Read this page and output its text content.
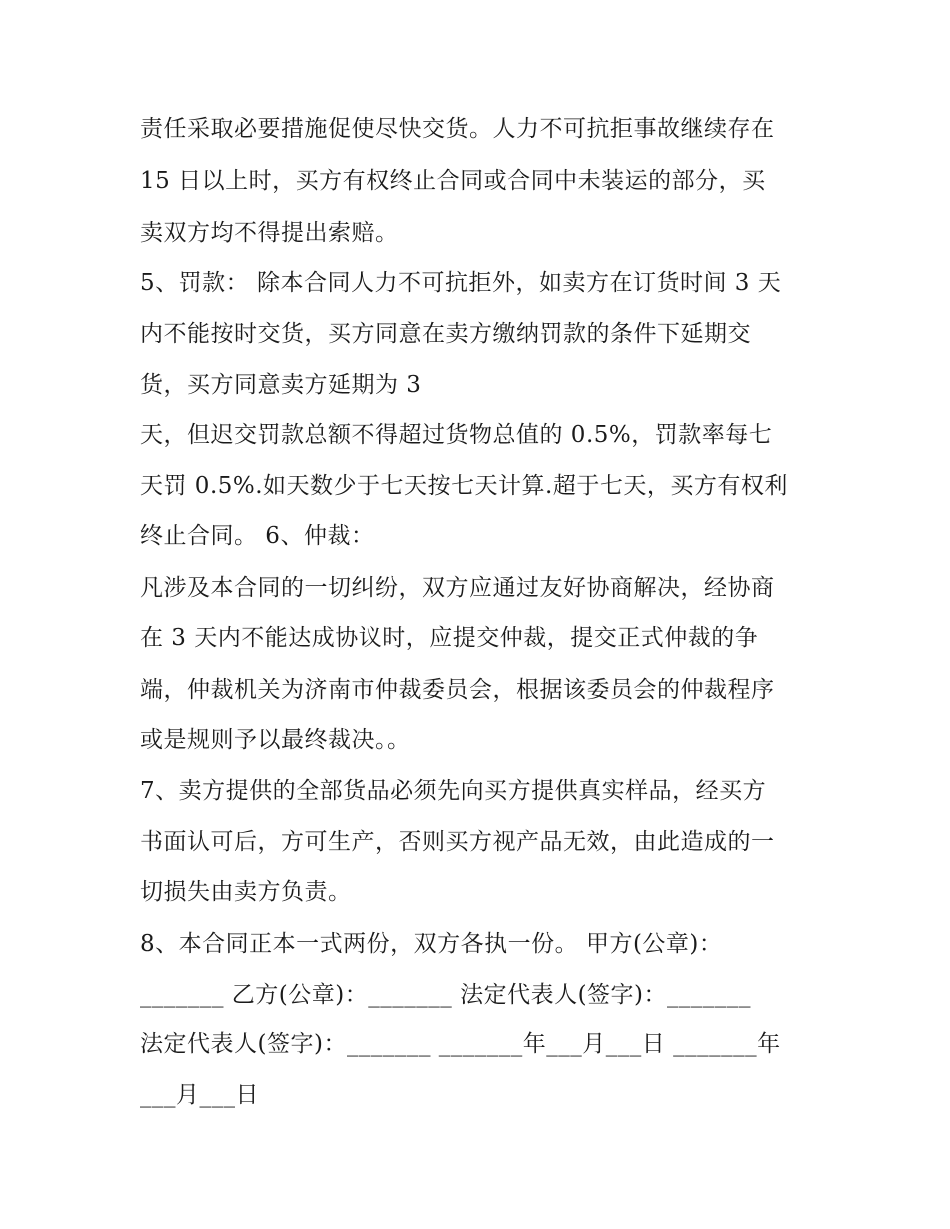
责任采取必要措施促使尽快交货。人力不可抗拒事故继续存在
15 日以上时，买方有权终止合同或合同中未装运的部分，买
卖双方均不得提出索赔。
5、罚款： 除本合同人力不可抗拒外，如卖方在订货时间 3 天
内不能按时交货，买方同意在卖方缴纳罚款的条件下延期交
货，买方同意卖方延期为 3
天，但迟交罚款总额不得超过货物总值的 0.5%，罚款率每七
天罚 0.5%.如天数少于七天按七天计算.超于七天，买方有权利
终止合同。 6、仲裁：
凡涉及本合同的一切纠纷，双方应通过友好协商解决，经协商
在 3 天内不能达成协议时，应提交仲裁，提交正式仲裁的争
端，仲裁机关为济南市仲裁委员会，根据该委员会的仲裁程序
或是规则予以最终裁决。。
7、卖方提供的全部货品必须先向买方提供真实样品，经买方
书面认可后，方可生产，否则买方视产品无效，由此造成的一
切损失由卖方负责。
8、本合同正本一式两份，双方各执一份。 甲方(公章)：
_______ 乙方(公章)：_______ 法定代表人(签字)：_______
法定代表人(签字)：_______ _______年___月___日 _______年
___月___日
